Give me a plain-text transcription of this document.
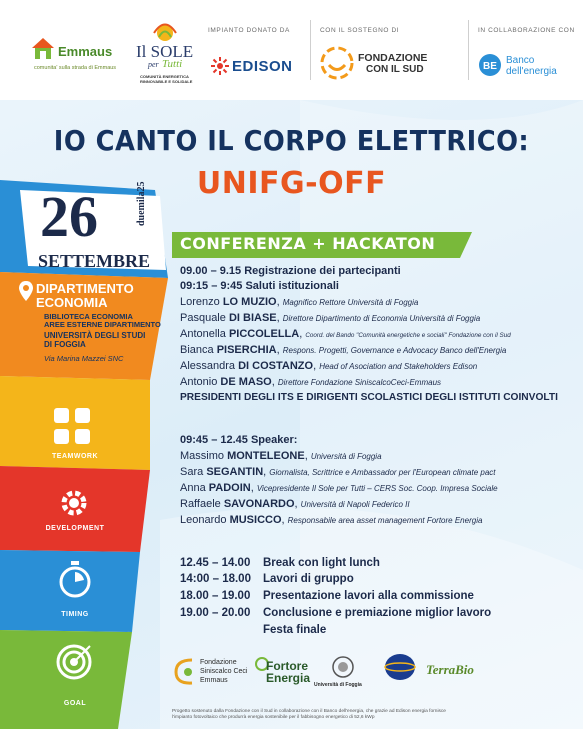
Emmaus
comunita' sulla strada di Emmaus
Il SOLE
per Tutti
COMUNITÀ ENERGETICA
RINNOVABILE E SOLIDALE
IMPIANTO DONATO DA
EDISON
CON IL SOSTEGNO DI
FONDAZIONE
CON IL SUD
IN COLLABORAZIONE CON
BE
Banco
dell'energia
IO CANTO IL CORPO ELETTRICO:
UNIFG-OFF
26	duemila25
SETTEMBRE
DIPARTIMENTO
ECONOMIA
BIBLIOTECA ECONOMIA
AREE ESTERNE DIPARTIMENTO
UNIVERSITÀ DEGLI STUDI
DI FOGGIA
Via Marina Mazzei SNC
TEAMWORK
DEVELOPMENT
TIMING
GOAL
CONFERENZA + HACKATON
09.00 – 9.15 Registrazione dei partecipanti
09:15 – 9:45 Saluti istituzionali
Lorenzo LO MUZIO, Magnifico Rettore Università di Foggia
Pasquale DI BIASE, Direttore Dipartimento di Economia Università di Foggia
Antonella PICCOLELLA, Coord. del Bando "Comunità energetiche e sociali" Fondazione con il Sud
Bianca PISERCHIA, Respons. Progetti, Governance e Advocacy Banco dell'Energia
Alessandra DI COSTANZO, Head of Asociation and Stakeholders Edison
Antonio DE MASO, Direttore Fondazione SiniscalcoCeci-Emmaus
PRESIDENTI DEGLI ITS E DIRIGENTI SCOLASTICI DEGLI ISTITUTI COINVOLTI
09:45 – 12.45 Speaker:
Massimo MONTELEONE, Università di Foggia
Sara SEGANTIN, Giornalista, Scrittrice e Ambassador per l'European climate pact
Anna PADOIN, Vicepresidente Il Sole per Tutti – CERS Soc. Coop. Impresa Sociale
Raffaele SAVONARDO, Università di Napoli Federico II
Leonardo MUSICCO, Responsabile area asset management Fortore Energia
12.45 – 14.00 Break con light lunch
14:00 – 18.00 Lavori di gruppo
18.00 – 19.00 Presentazione lavori alla commissione
19.00 – 20.00 Conclusione e premiazione miglior lavoro
Festa finale
Fondazione
Siniscalco Ceci
Emmaus
Fortore
Energia Università di Foggia
TerraBio
Progetto sostenuto dalla Fondazione con il Sud in collaborazione con il Banco dell'energia, che grazie ad Edison energia fornisce
l'impianto fotovoltaico che produrrà energia sostenibile per il fabbisogno energetico di 52,6 kWp
